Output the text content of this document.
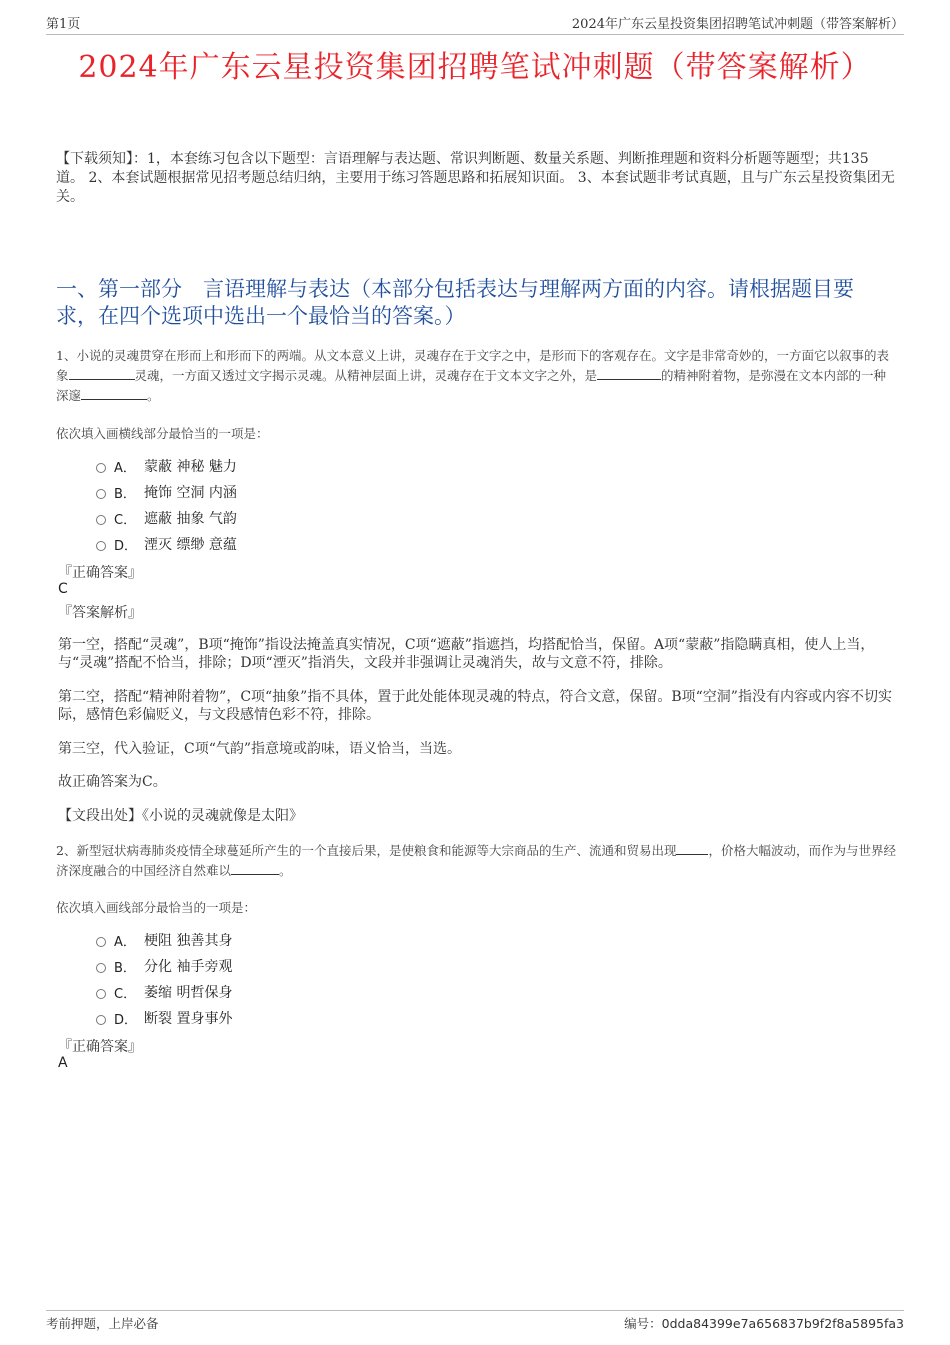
第1页	2024年广东云星投资集团招聘笔试冲刺题（带答案解析）
2024年广东云星投资集团招聘笔试冲刺题（带答案解析）
【下载须知】：1，本套练习包含以下题型：言语理解与表达题、常识判断题、数量关系题、判断推理题和资料分析题等题型；共135道。 2、本套试题根据常见招考题总结归纳，主要用于练习答题思路和拓展知识面。 3、本套试题非考试真题，且与广东云星投资集团无关。
一、第一部分　言语理解与表达（本部分包括表达与理解两方面的内容。请根据题目要求，在四个选项中选出一个最恰当的答案。）
1、小说的灵魂贯穿在形而上和形而下的两端。从文本意义上讲，灵魂存在于文字之中，是形而下的客观存在。文字是非常奇妙的，一方面它以叙事的表象	灵魂，一方面又透过文字揭示灵魂。从精神层面上讲，灵魂存在于文本文字之外，是	的精神附着物，是弥漫在文本内部的一种深邃	。
依次填入画横线部分最恰当的一项是：
A． 蒙蔽 神秘 魅力
B． 掩饰 空洞 内涵
C． 遮蔽 抽象 气韵
D． 湮灭 缥缈 意蕴
『正确答案』
C
『答案解析』
第一空，搭配“灵魂”，B项“掩饰”指设法掩盖真实情况，C项“遮蔽”指遮挡，均搭配恰当，保留。A项“蒙蔽”指隐瞒真相，使人上当，与“灵魂”搭配不恰当，排除；D项“湮灭”指消失，文段并非强调让灵魂消失，故与文意不符，排除。
第二空，搭配“精神附着物”，C项“抽象”指不具体，置于此处能体现灵魂的特点，符合文意，保留。B项“空洞”指没有内容或内容不切实际，感情色彩偏贬义，与文段感情色彩不符，排除。
第三空，代入验证，C项“气韵”指意境或韵味，语义恰当，当选。
故正确答案为C。
【文段出处】《小说的灵魂就像是太阳》
2、新型冠状病毒肺炎疫情全球蔓延所产生的一个直接后果，是使粮食和能源等大宗商品的生产、流通和贸易出现	，价格大幅波动，而作为与世界经济深度融合的中国经济自然难以	。
依次填入画线部分最恰当的一项是：
A． 梗阻 独善其身
B． 分化 袖手旁观
C． 萎缩 明哲保身
D． 断裂 置身事外
『正确答案』
A
考前押题，上岸必备	编号：0dda84399e7a656837b9f2f8a5895fa3
